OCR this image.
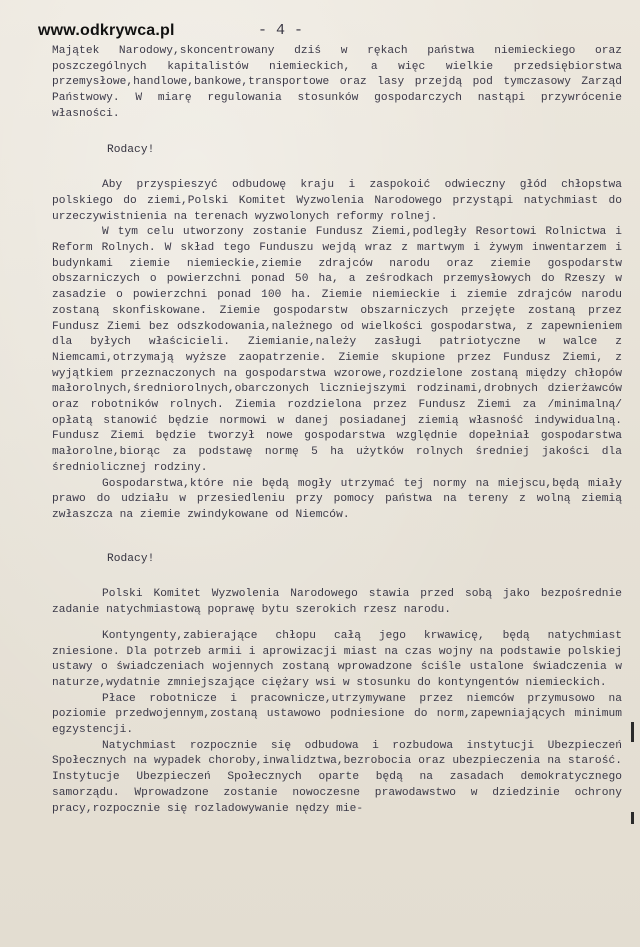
www.odkrywca.pl	- 4 -

Majątek Narodowy,skoncentrowany dziś w rękach państwa niemieckiego oraz poszczególnych kapitalistów niemieckich, a więc wielkie przedsiębiorstwa przemysłowe,handlowe,bankowe,transportowe oraz lasy przejdą pod tymczasowy Zarząd Państwowy. W miarę regulowania stosunków gospodarczych nastąpi przywrócenie własności.

Rodacy!

Aby przyspieszyć odbudowę kraju i zaspokoić odwieczny głód chłopstwa polskiego do ziemi,Polski Komitet Wyzwolenia Narodowego przystąpi natychmiast do urzeczywistnienia na terenach wyzwolonych reformy rolnej.

W tym celu utworzony zostanie Fundusz Ziemi,podległy Resortowi Rolnictwa i Reform Rolnych. W skład tego Funduszu wejdą wraz z martwym i żywym inwentarzem i budynkami ziemie niemieckie,ziemie zdrajców narodu oraz ziemie gospodarstw obszarniczych o powierzchni ponad 50 ha, a ześrodkach przemysłowych do Rzeszy w zasadzie o powierzchni ponad 100 ha. Ziemie niemieckie i ziemie zdrajców narodu zostaną skonfiskowane. Ziemie gospodarstw obszarniczych przejęte zostaną przez Fundusz Ziemi bez odszkodowania,należnego od wielkości gospodarstwa, z zapewnieniem dla byłych właścicieli. Ziemianie,należy zasługi patriotyczne w walce z Niemcami,otrzymają wyższe zaopatrzenie. Ziemie skupione przez Fundusz Ziemi, z wyjątkiem przeznaczonych na gospodarstwa wzorowe,rozdzielone zostaną między chłopów małorolnych,średniorolnych,obarczonych liczniejszymi rodzinami,drobnych dzierżawców oraz robotników rolnych. Ziemia rozdzielona przez Fundusz Ziemi za /minimalną/ opłatą stanowić będzie normowi w danej posiadanej ziemią własność indywidualną. Fundusz Ziemi będzie tworzył nowe gospodarstwa względnie dopełniał gospodarstwa małorolne,biorąc za podstawę normę 5 ha użytków rolnych średniej jakości dla średniolicznej rodziny.

Gospodarstwa,które nie będą mogły utrzymać tej normy na miejscu,będą miały prawo do udziału w przesiedleniu przy pomocy państwa na tereny z wolną ziemią zwłaszcza na ziemie zwindykowane od Niemców.

Rodacy!

Polski Komitet Wyzwolenia Narodowego stawia przed sobą jako bezpośrednie zadanie natychmiastową poprawę bytu szerokich rzesz narodu.

Kontyngenty,zabierające chłopu całą jego krwawicę, będą natychmiast zniesione. Dla potrzeb armii i aprowizacji miast na czas wojny na podstawie polskiej ustawy o świadczeniach wojennych zostaną wprowadzone ściśle ustalone świadczenia w naturze,wydatnie zmniejszające ciężary wsi w stosunku do kontyngentów niemieckich.

Płace robotnicze i pracownicze,utrzymywane przez niemców przymusowo na poziomie przedwojennym,zostaną ustawowo podniesione do norm,zapewniających minimum egzystencji.

Natychmiast rozpocznie się odbudowa i rozbudowa instytucji Ubezpieczeń Społecznych na wypadek choroby,inwalidztwa,bezrobocia oraz ubezpieczenia na starość. Instytucje Ubezpieczeń Społecznych oparte będą na zasadach demokratycznego samorządu. Wprowadzone zostanie nowoczesne prawodawstwo w dziedzinie ochrony pracy,rozpocznie się rozladowywanie nędzy mie-
